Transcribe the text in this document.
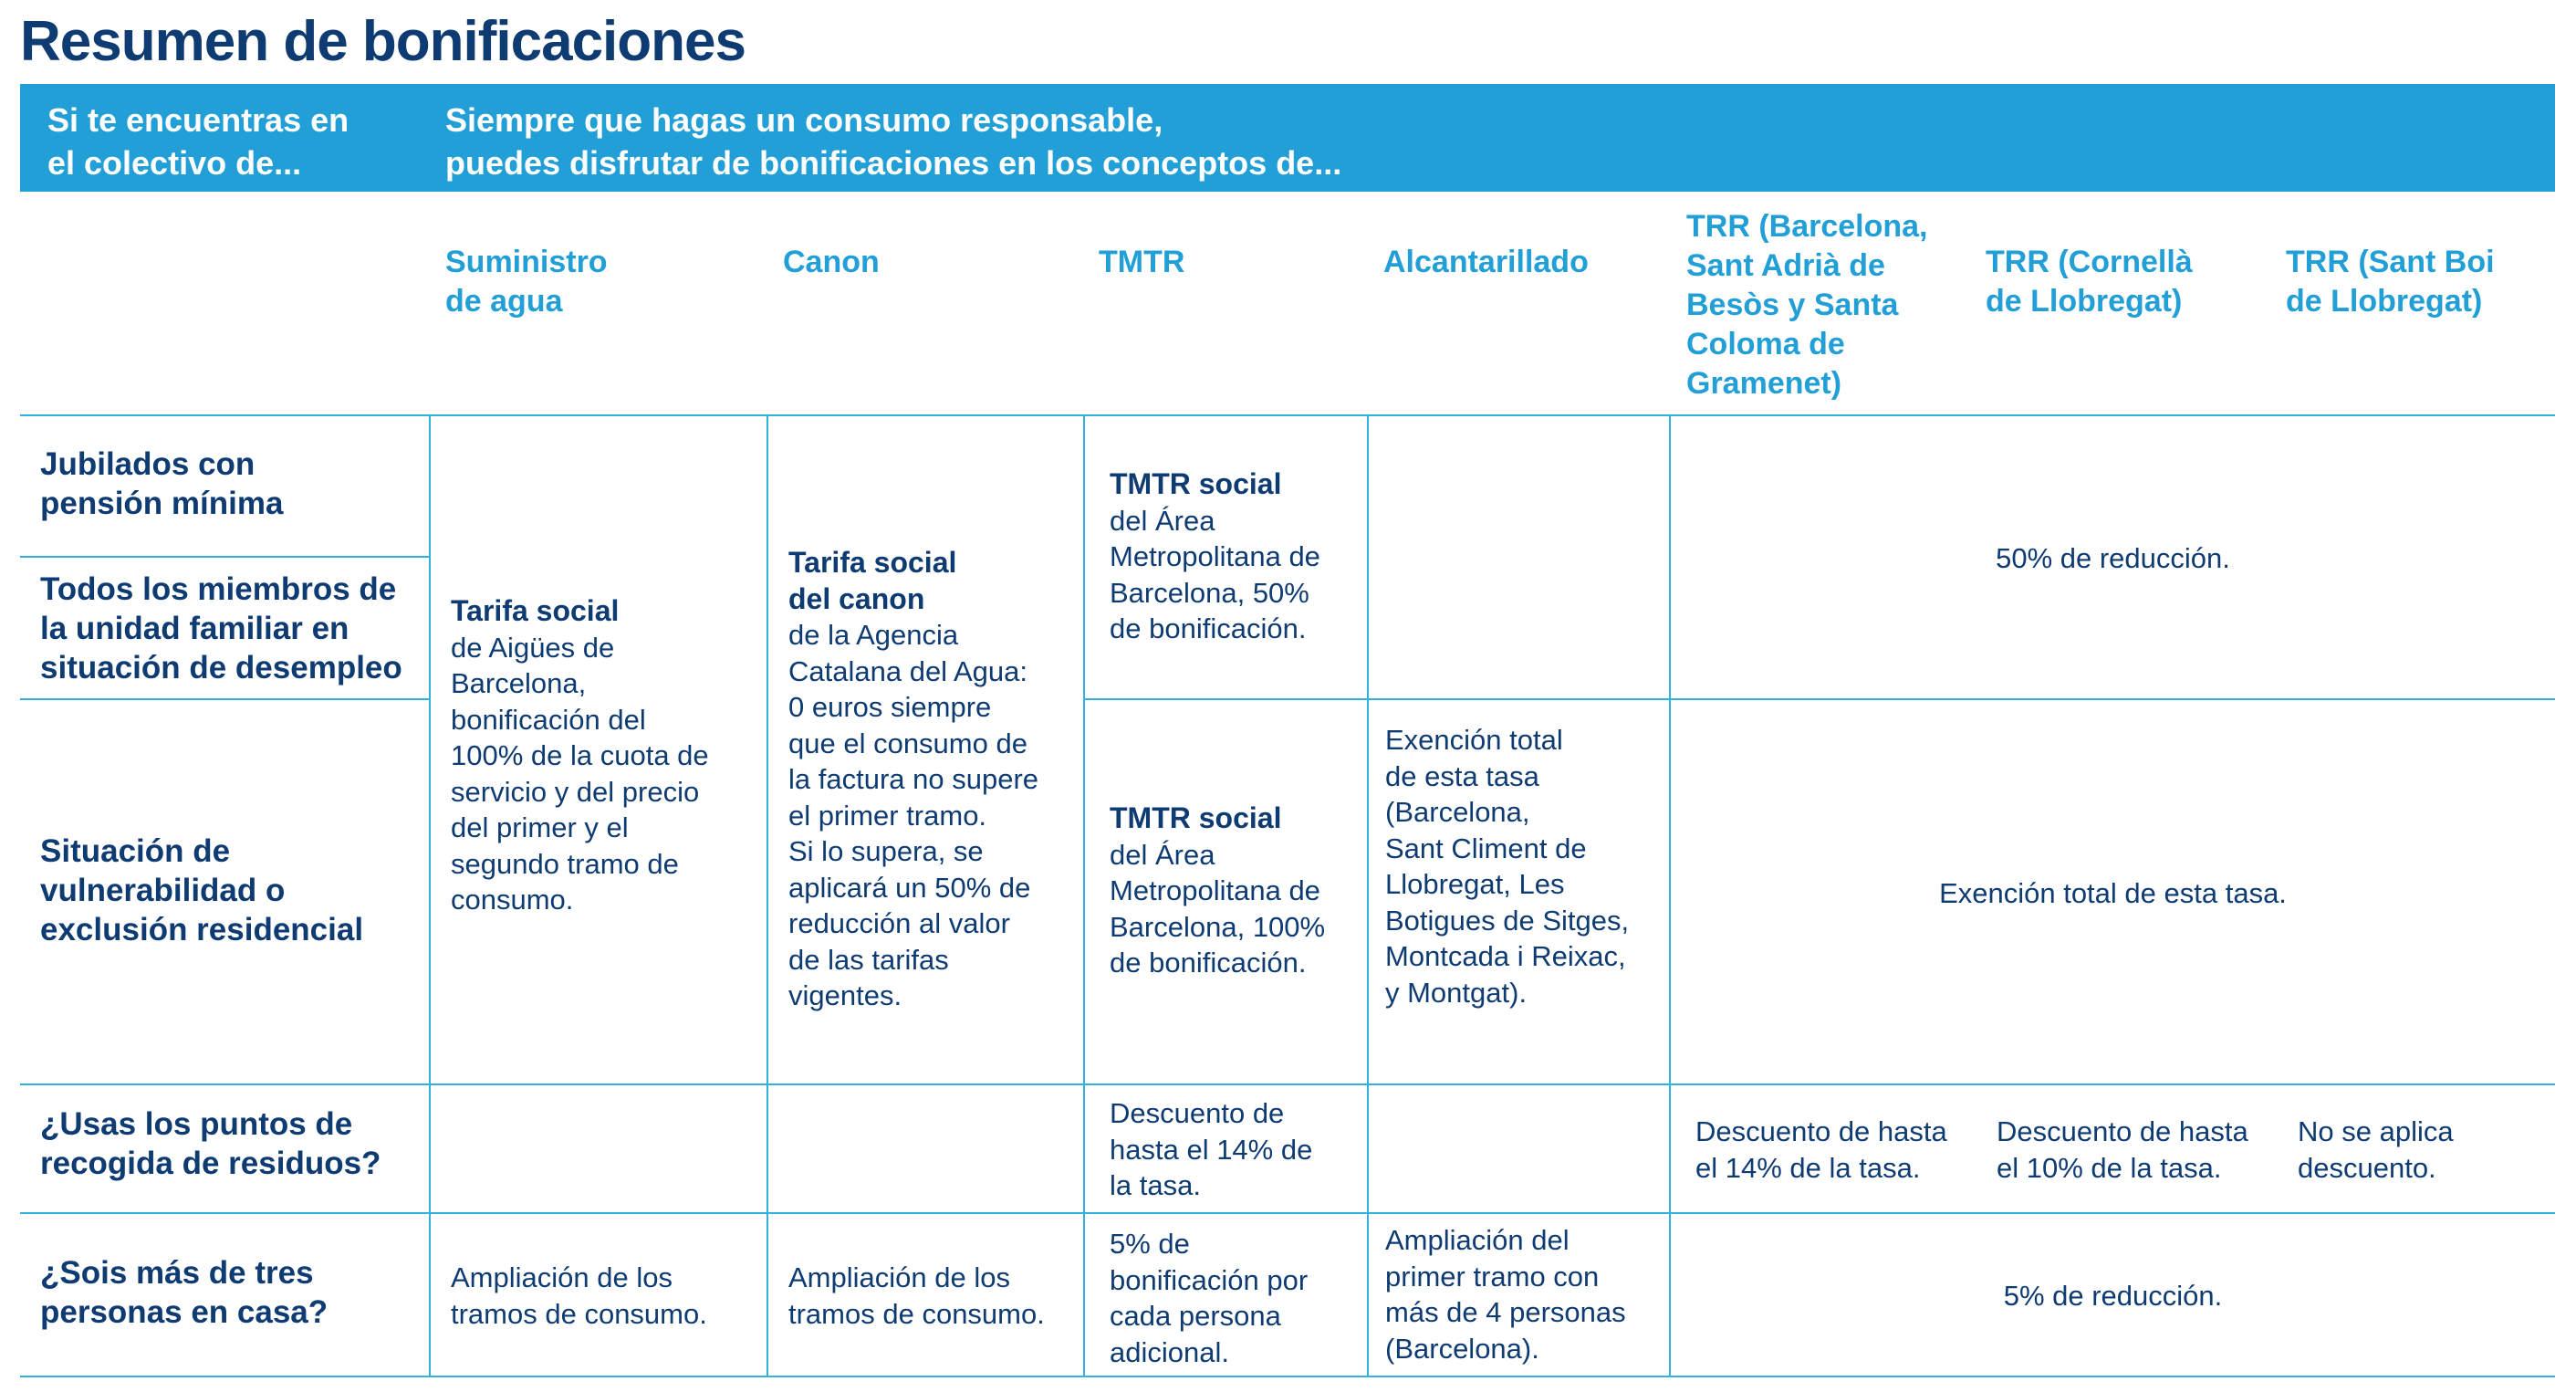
Resumen de bonificaciones
Si te encuentras en
el colectivo de...
Siempre que hagas un consumo responsable,
puedes disfrutar de bonificaciones en los conceptos de...
Suministro
de agua
Canon	TMTR	Alcantarillado
TRR (Barcelona,
Sant Adrià de
Besòs y Santa
Coloma de
Gramenet)
TRR (Cornellà
de Llobregat)
TRR (Sant Boi
de Llobregat)
Jubilados con
pensión mínima
Todos los miembros de
la unidad familiar en
situación de desempleo
Situación de
vulnerabilidad o
exclusión residencial
¿Usas los puntos de
recogida de residuos?
¿Sois más de tres
personas en casa?
Tarifa social
de Aigües de
Barcelona,
bonificación del
100% de la cuota de
servicio y del precio
del primer y el
segundo tramo de
consumo.
Tarifa social
del canon
de la Agencia
Catalana del Agua:
0 euros siempre
que el consumo de
la factura no supere
el primer tramo.
Si lo supera, se
aplicará un 50% de
reducción al valor
de las tarifas
vigentes.
TMTR social
del Área
Metropolitana de
Barcelona, 50%
de bonificación.
50% de reducción.
TMTR social
del Área
Metropolitana de
Barcelona, 100%
de bonificación.
Exención total
de esta tasa
(Barcelona,
Sant Climent de
Llobregat, Les
Botigues de Sitges,
Montcada i Reixac,
y Montgat).
Exención total de esta tasa.
Descuento de
hasta el 14% de
la tasa.
Descuento de hasta
el 14% de la tasa.
Descuento de hasta
el 10% de la tasa.
No se aplica
descuento.
Ampliación de los
tramos de consumo.
Ampliación de los
tramos de consumo.
5% de
bonificación por
cada persona
adicional.
Ampliación del
primer tramo con
más de 4 personas
(Barcelona).
5% de reducción.
